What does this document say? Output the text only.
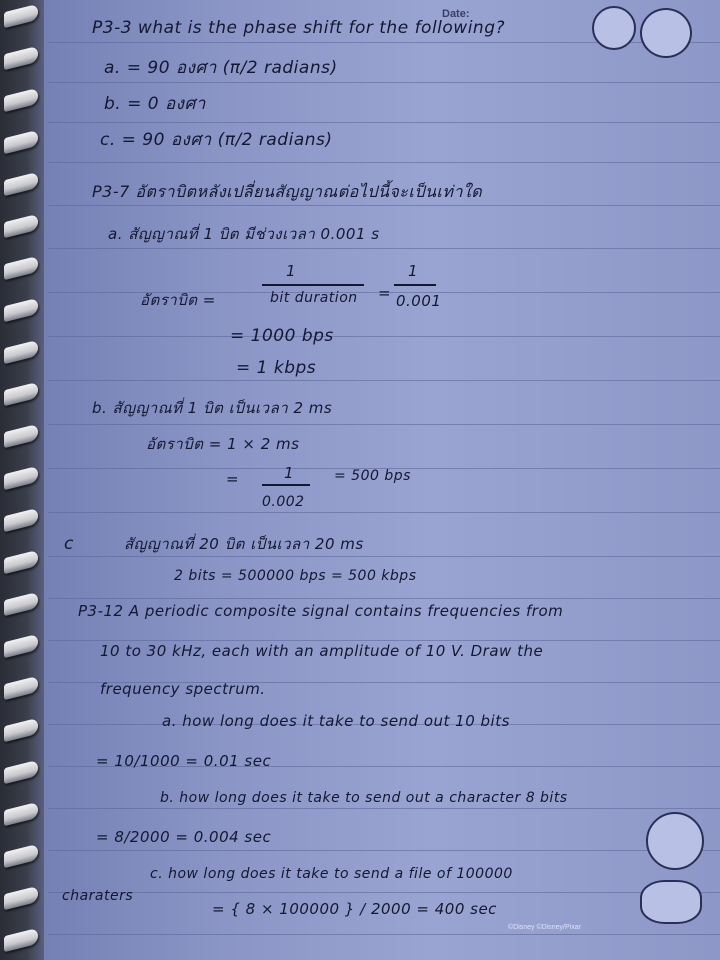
Date:
P3-3 what is the phase shift for the following?
a. = 90 องศา (π/2 radians)
b. = 0 องศา
c. = 90 องศา (π/2 radians)
P3-7 อัตราบิตหลังเปลี่ยนสัญญาณต่อไปนี้จะเป็นเท่าใด
a. สัญญาณที่ 1 บิต มีช่วงเวลา 0.001 s
1
อัตราบิต =	bit duration =
1
0.001
= 1000 bps
= 1 kbps
b. สัญญาณที่ 1 บิต เป็นเวลา 2 ms
อัตราบิต = 1 × 2 ms
=	1
0.002
= 500 bps
c	สัญญาณที่ 20 บิต เป็นเวลา 20 ms
2 bits = 500000 bps = 500 kbps
P3-12 A periodic composite signal contains frequencies from
10 to 30 kHz, each with an amplitude of 10 V. Draw the
frequency spectrum.
a. how long does it take to send out 10 bits
= 10/1000 = 0.01 sec
b. how long does it take to send out a character 8 bits
= 8/2000 = 0.004 sec
c. how long does it take to send a file of 100000
charaters
= { 8 × 100000 } / 2000 = 400 sec
©Disney ©Disney/Pixar
